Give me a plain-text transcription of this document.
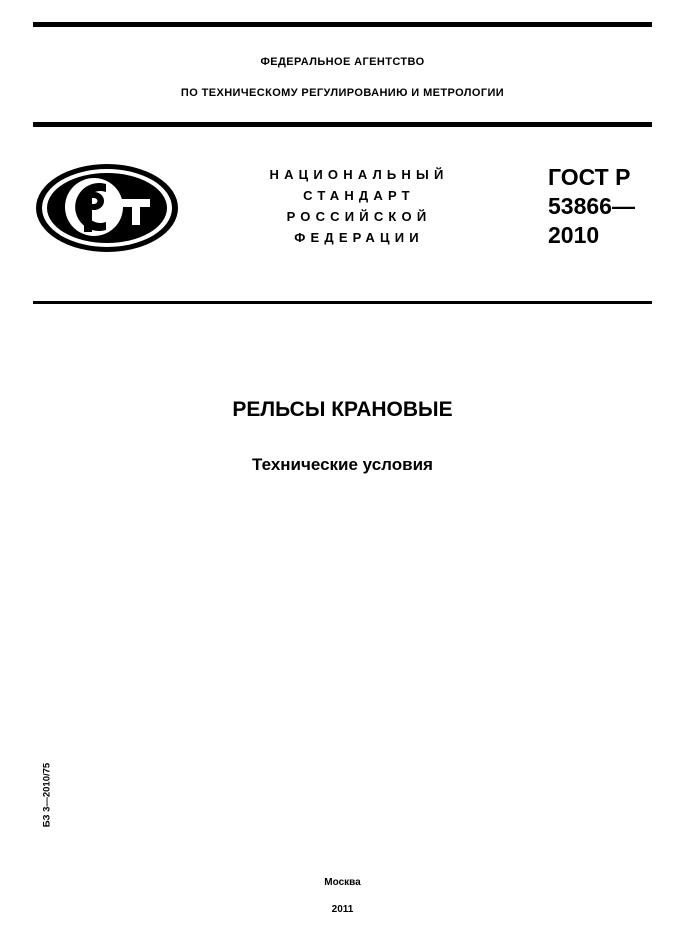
ФЕДЕРАЛЬНОЕ АГЕНТСТВО
ПО ТЕХНИЧЕСКОМУ РЕГУЛИРОВАНИЮ И МЕТРОЛОГИИ
НАЦИОНАЛЬНЫЙ
СТАНДАРТ
РОССИЙСКОЙ
ФЕДЕРАЦИИ
ГОСТ Р
53866—
2010
РЕЛЬСЫ КРАНОВЫЕ
Технические условия
БЗ 3—2010/75
Москва
2011
